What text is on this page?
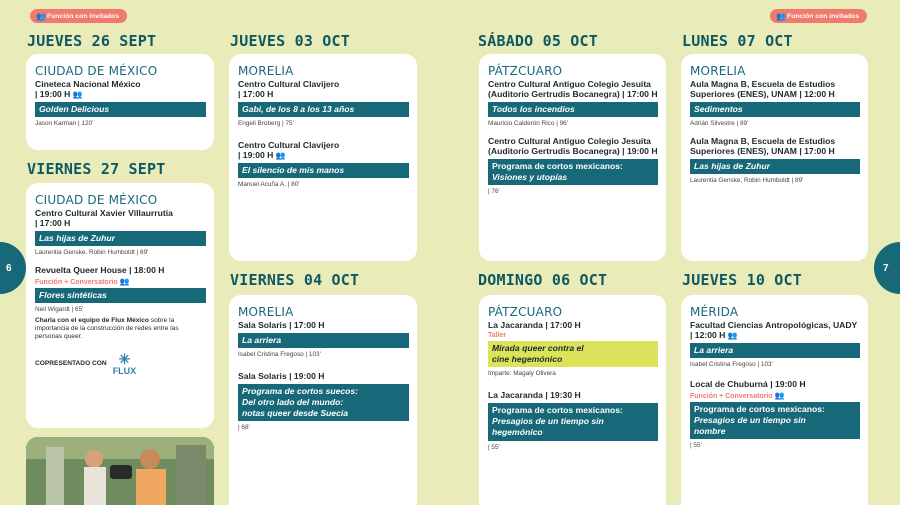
👥 Función con invitados	👥 Función con invitados
6	7
JUEVES 26 SEPT
VIERNES 27 SEPT
JUEVES 03 OCT
VIERNES 04 OCT
SÁBADO 05 OCT
DOMINGO 06 OCT
LUNES 07 OCT
JUEVES 10 OCT
CIUDAD DE MÉXICO
Cineteca Nacional México
| 19:00 H 👥
Golden Delicious
Jason Karman | 120'
CIUDAD DE MÉXICO
Centro Cultural Xavier Villaurrutia
| 17:00 H
Las hijas de Zuhur
Laurentia Genske, Robin Humboldt | 89'
Revuelta Queer House | 18:00 H
Función + Conversatorio 👥
Flores sintéticas
Neil Wigardt | 65'
Charla con el equipo de Flux México sobre la importancia de la construcción de redes entre las personas queer.
COPRESENTADO CON ✳
FLUX
MORELIA
Centro Cultural Clavijero
| 17:00 H
Gabi, de los 8 a los 13 años
Engeli Broberg | 75'
Centro Cultural Clavijero
| 19:00 H 👥
El silencio de mis manos
Manuel Acuña A. | 80'
MORELIA
Sala Solaris | 17:00 H
La arriera
Isabel Cristina Fregoso | 103'
Sala Solaris | 19:00 H
Programa de cortos suecos:
Del otro lado del mundo:
notas queer desde Suecia
| 68'
PÁTZCUARO
Centro Cultural Antiguo Colegio Jesuita (Auditorio Gertrudis Bocanegra) | 17:00 H
Todos los incendios
Mauricio Calderón Rico | 96'
Centro Cultural Antiguo Colegio Jesuita (Auditorio Gertrudis Bocanegra) | 19:00 H
Programa de cortos mexicanos:
Visiones y utopías
| 76'
PÁTZCUARO
La Jacaranda | 17:00 H
Taller
Mirada queer contra el
cine hegemónico
Imparte: Magaly Olivera
La Jacaranda | 19:30 H
Programa de cortos mexicanos:
Presagios de un tiempo sin
hegemónico
| 55'
MORELIA
Aula Magna B, Escuela de Estudios Superiores (ENES), UNAM | 12:00 H
Sedimentos
Adrián Silvestre | 89'
Aula Magna B, Escuela de Estudios Superiores (ENES), UNAM | 17:00 H
Las hijas de Zuhur
Laurentia Genske, Robin Humboldt | 89'
MÉRIDA
Facultad Ciencias Antropológicas, UADY | 12:00 H 👥
La arriera
Isabel Cristina Fregoso | 103'
Local de Chuburná | 19:00 H
Función + Conversatorio 👥
Programa de cortos mexicanos:
Presagios de un tiempo sin
nombre
| 55'
